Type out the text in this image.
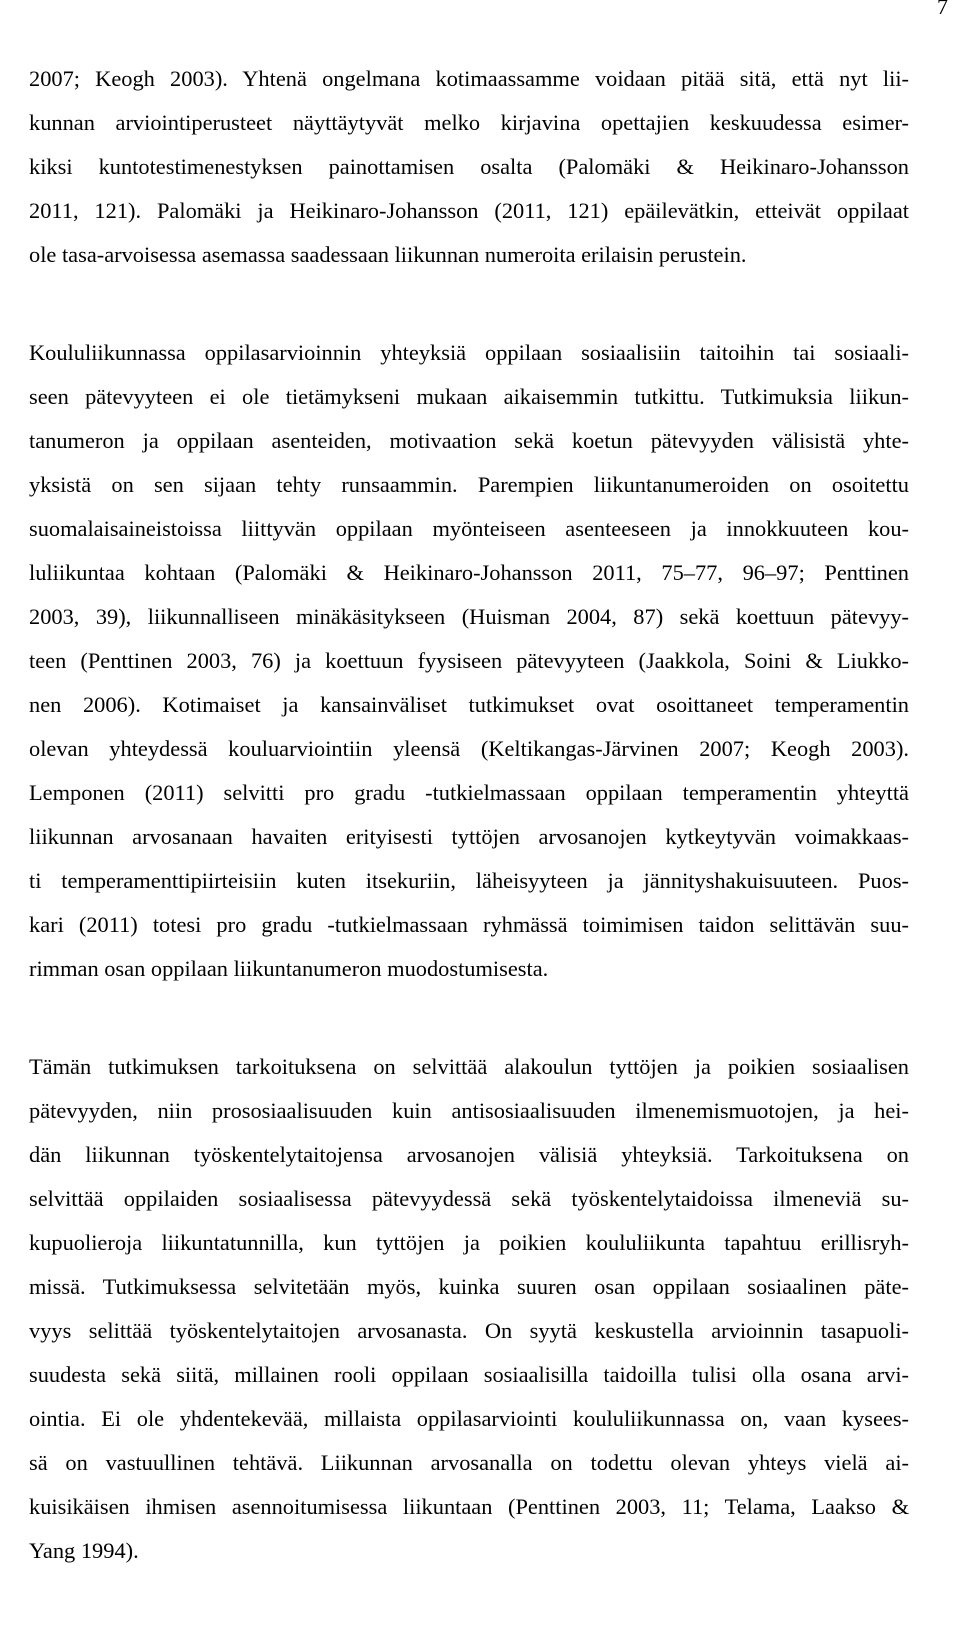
7
2007; Keogh 2003). Yhtenä ongelmana kotimaassamme voidaan pitää sitä, että nyt lii-
kunnan arviointiperusteet näyttäytyvät melko kirjavina opettajien keskuudessa esimer-
kiksi kuntotestimenestyksen painottamisen osalta (Palomäki & Heikinaro-Johansson
2011, 121). Palomäki ja Heikinaro-Johansson (2011, 121) epäilevätkin, etteivät oppilaat
ole tasa-arvoisessa asemassa saadessaan liikunnan numeroita erilaisin perustein.
Koululiikunnassa oppilasarvioinnin yhteyksiä oppilaan sosiaalisiin taitoihin tai sosiaali-
seen pätevyyteen ei ole tietämykseni mukaan aikaisemmin tutkittu. Tutkimuksia liikun-
tanumeron ja oppilaan asenteiden, motivaation sekä koetun pätevyyden välisistä yhte-
yksistä on sen sijaan tehty runsaammin. Parempien liikuntanumeroiden on osoitettu
suomalaisaineistoissa liittyvän oppilaan myönteiseen asenteeseen ja innokkuuteen kou-
luliikuntaa kohtaan (Palomäki & Heikinaro-Johansson 2011, 75–77, 96–97; Penttinen
2003, 39), liikunnalliseen minäkäsitykseen (Huisman 2004, 87) sekä koettuun pätevyy-
teen (Penttinen 2003, 76) ja koettuun fyysiseen pätevyyteen (Jaakkola, Soini & Liukko-
nen 2006). Kotimaiset ja kansainväliset tutkimukset ovat osoittaneet temperamentin
olevan yhteydessä kouluarviointiin yleensä (Keltikangas-Järvinen 2007; Keogh 2003).
Lemponen (2011) selvitti pro gradu -tutkielmassaan oppilaan temperamentin yhteyttä
liikunnan arvosanaan havaiten erityisesti tyttöjen arvosanojen kytkeytyvän voimakkaas-
ti temperamenttipiirteisiin kuten itsekuriin, läheisyyteen ja jännityshakuisuuteen. Puos-
kari (2011) totesi pro gradu -tutkielmassaan ryhmässä toimimisen taidon selittävän suu-
rimman osan oppilaan liikuntanumeron muodostumisesta.
Tämän tutkimuksen tarkoituksena on selvittää alakoulun tyttöjen ja poikien sosiaalisen
pätevyyden, niin prososiaalisuuden kuin antisosiaalisuuden ilmenemismuotojen, ja hei-
dän liikunnan työskentelytaitojensa arvosanojen välisiä yhteyksiä. Tarkoituksena on
selvittää oppilaiden sosiaalisessa pätevyydessä sekä työskentelytaidoissa ilmeneviä su-
kupuolieroja liikuntatunnilla, kun tyttöjen ja poikien koululiikunta tapahtuu erillisryh-
missä. Tutkimuksessa selvitetään myös, kuinka suuren osan oppilaan sosiaalinen päte-
vyys selittää työskentelytaitojen arvosanasta. On syytä keskustella arvioinnin tasapuoli-
suudesta sekä siitä, millainen rooli oppilaan sosiaalisilla taidoilla tulisi olla osana arvi-
ointia. Ei ole yhdentekevää, millaista oppilasarviointi koululiikunnassa on, vaan kysees-
sä on vastuullinen tehtävä. Liikunnan arvosanalla on todettu olevan yhteys vielä ai-
kuisikäisen ihmisen asennoitumisessa liikuntaan (Penttinen 2003, 11; Telama, Laakso &
Yang 1994).
